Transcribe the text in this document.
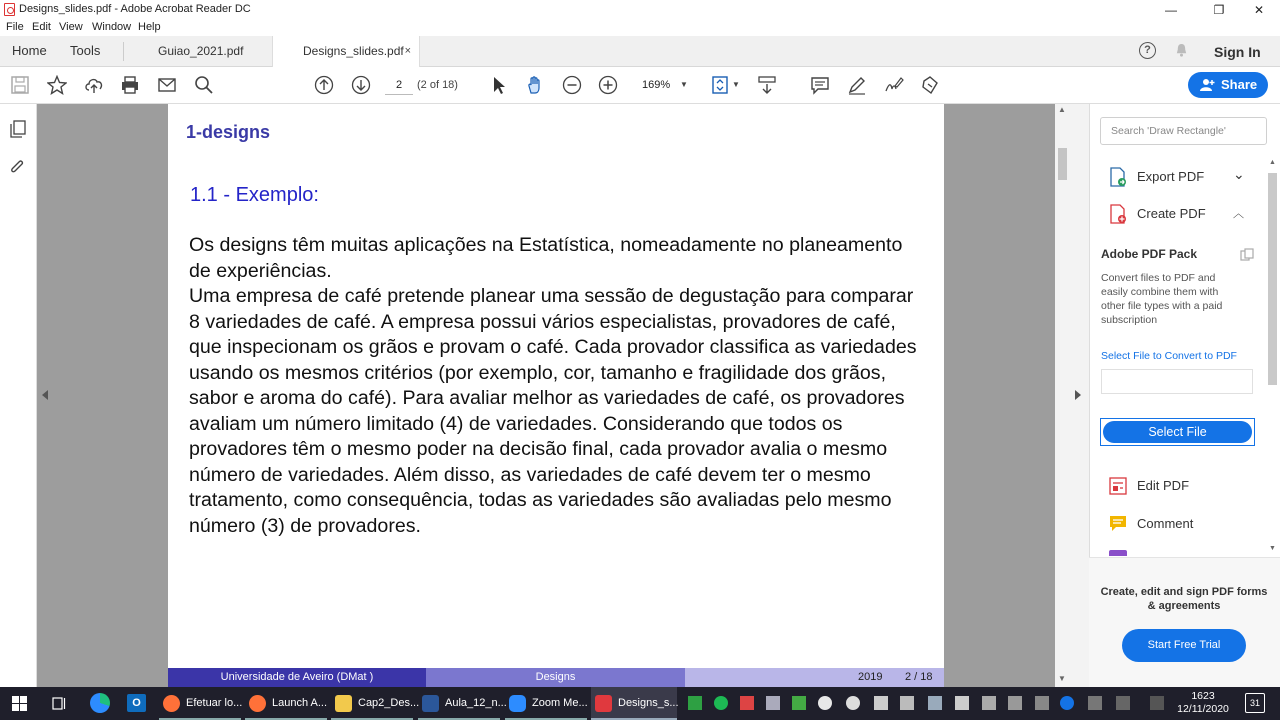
Designs_slides.pdf - Adobe Acrobat Reader DC	—	❐	✕
File Edit View Window Help
Home Tools	Guiao_2021.pdf	Designs_slides.pdf ×	?	Sign In
2	(2 of 18)	169% ▼	▼	Share
1-designs
1.1 - Exemplo:
Os designs têm muitas aplicações na Estatística, nomeadamente no planeamento de experiências.
Uma empresa de café pretende planear uma sessão de degustação para comparar 8 variedades de café. A empresa possui vários especialistas, provadores de café, que inspecionam os grãos e provam o café. Cada provador classifica as variedades usando os mesmos critérios (por exemplo, cor, tamanho e fragilidade dos grãos, sabor e aroma do café). Para avaliar melhor as variedades de café, os provadores avaliam um número limitado (4) de variedades. Considerando que todos os provadores têm o mesmo poder na decisão final, cada provador avalia o mesmo número de variedades. Além disso, as variedades de café devem ter o mesmo tratamento, como consequência, todas as variedades são avaliadas pelo mesmo número (3) de provadores.
Universidade de Aveiro (DMat )	Designs	2019 2 / 18
▲
▼
Search 'Draw Rectangle'
Export PDF ⌄
Create PDF ︿
Adobe PDF Pack
Convert files to PDF and easily combine them with other file types with a paid subscription
Select File to Convert to PDF
Select File
Edit PDF
Comment
▲
▼
Create, edit and sign PDF forms & agreements
Start Free Trial
O	Efetuar lo...	Launch A...	Cap2_Des...	Aula_12_n...	Zoom Me...	Designs_s...
1623
12/11/2020	31
